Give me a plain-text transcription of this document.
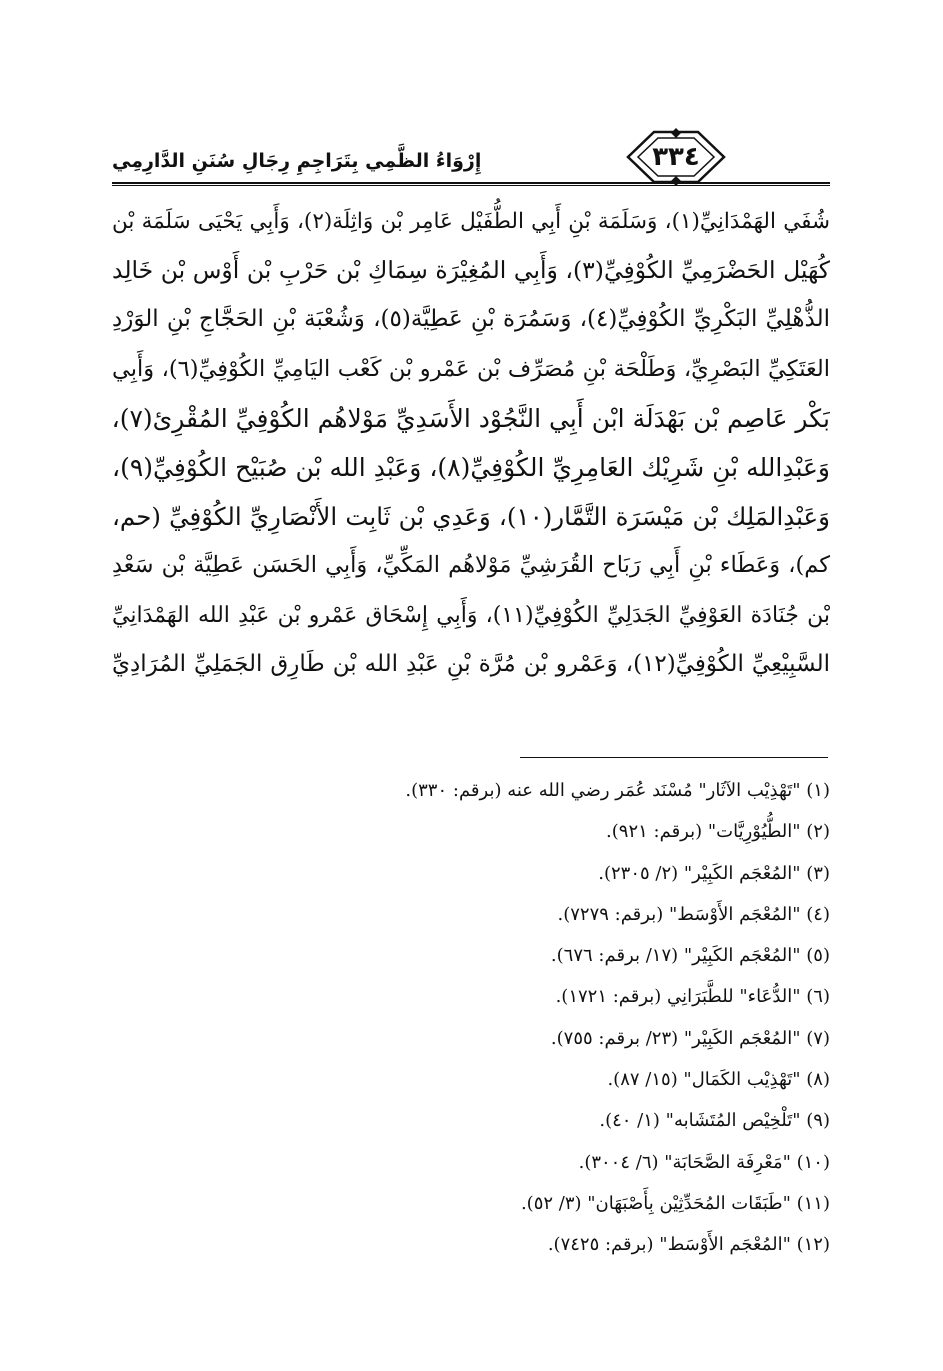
إِرْوَاءُ الظَّمِي بِتَرَاجِمِ رِجَالِ سُنَنِ الدَّارِمِي	٣٣٤
شُفَي الهَمْدَانِيِّ(١)، وَسَلَمَة بْنِ أَبِي الطُّفَيْل عَامِر بْن وَاثِلَة(٢)، وَأَبِي يَحْيَى سَلَمَة بْن
كُهَيْل الحَضْرَمِيِّ الكُوْفِيِّ(٣)، وَأَبِي المُغِيْرَة سِمَاكِ بْن حَرْبِ بْن أَوْس بْن خَالِد
الذُّهْلِيِّ البَكْرِيِّ الكُوْفِيِّ(٤)، وَسَمُرَة بْنِ عَطِيَّة(٥)، وَشُعْبَة بْنِ الحَجَّاجِ بْنِ الوَرْدِ
العَتَكِيِّ البَصْرِيِّ، وَطَلْحَة بْنِ مُصَرِّف بْن عَمْرو بْن كَعْب اليَامِيِّ الكُوْفِيِّ(٦)، وَأَبِي
بَكْر عَاصِم بْن بَهْدَلَة ابْن أَبِي النَّجُوْد الأَسَدِيِّ مَوْلاهُم الكُوْفِيِّ المُقْرِئ(٧)،
وَعَبْدِالله بْنِ شَرِيْك العَامِرِيِّ الكُوْفِيِّ(٨)، وَعَبْدِ الله بْن صُبَيْح الكُوْفِيِّ(٩)،
وَعَبْدِالمَلِك بْن مَيْسَرَة التَّمَّار(١٠)، وَعَدِي بْن ثَابِت الأَنْصَارِيِّ الكُوْفِيِّ (حم،
كم)، وَعَطَاء بْنِ أَبِي رَبَاح القُرَشِيِّ مَوْلاهُم المَكِّيِّ، وَأَبِي الحَسَن عَطِيَّة بْن سَعْدِ
بْن جُنَادَة العَوْفِيِّ الجَدَلِيِّ الكُوْفِيِّ(١١)، وَأَبِي إِسْحَاق عَمْرو بْن عَبْدِ الله الهَمْدَانِيِّ
السَّبِيْعِيِّ الكُوْفِيِّ(١٢)، وَعَمْرو بْن مُرَّة بْنِ عَبْدِ الله بْن طَارِق الجَمَلِيِّ المُرَادِيِّ
(١) "تَهْذِيْب الآثَار" مُسْنَد عُمَر رضي الله عنه (برقم: ٣٣٠).
(٢) "الطُّيُوْرِيَّات" (برقم: ٩٢١).
(٣) "المُعْجَم الكَبِيْر" (٢/ ٢٣٠٥).
(٤) "المُعْجَم الأَوْسَط" (برقم: ٧٢٧٩).
(٥) "المُعْجَم الكَبِيْر" (١٧/ برقم: ٦٧٦).
(٦) "الدُّعَاء" للطَّبَرَانِي (برقم: ١٧٢١).
(٧) "المُعْجَم الكَبِيْر" (٢٣/ برقم: ٧٥٥).
(٨) "تَهْذِيْب الكَمَال" (١٥/ ٨٧).
(٩) "تَلْخِيْص المُتَشَابه" (١/ ٤٠).
(١٠) "مَعْرِفَة الصَّحَابَة" (٦/ ٣٠٠٤).
(١١) "طَبَقَات المُحَدِّثِيْن بِأَصْبَهَان" (٣/ ٥٢).
(١٢) "المُعْجَم الأَوْسَط" (برقم: ٧٤٢٥).
